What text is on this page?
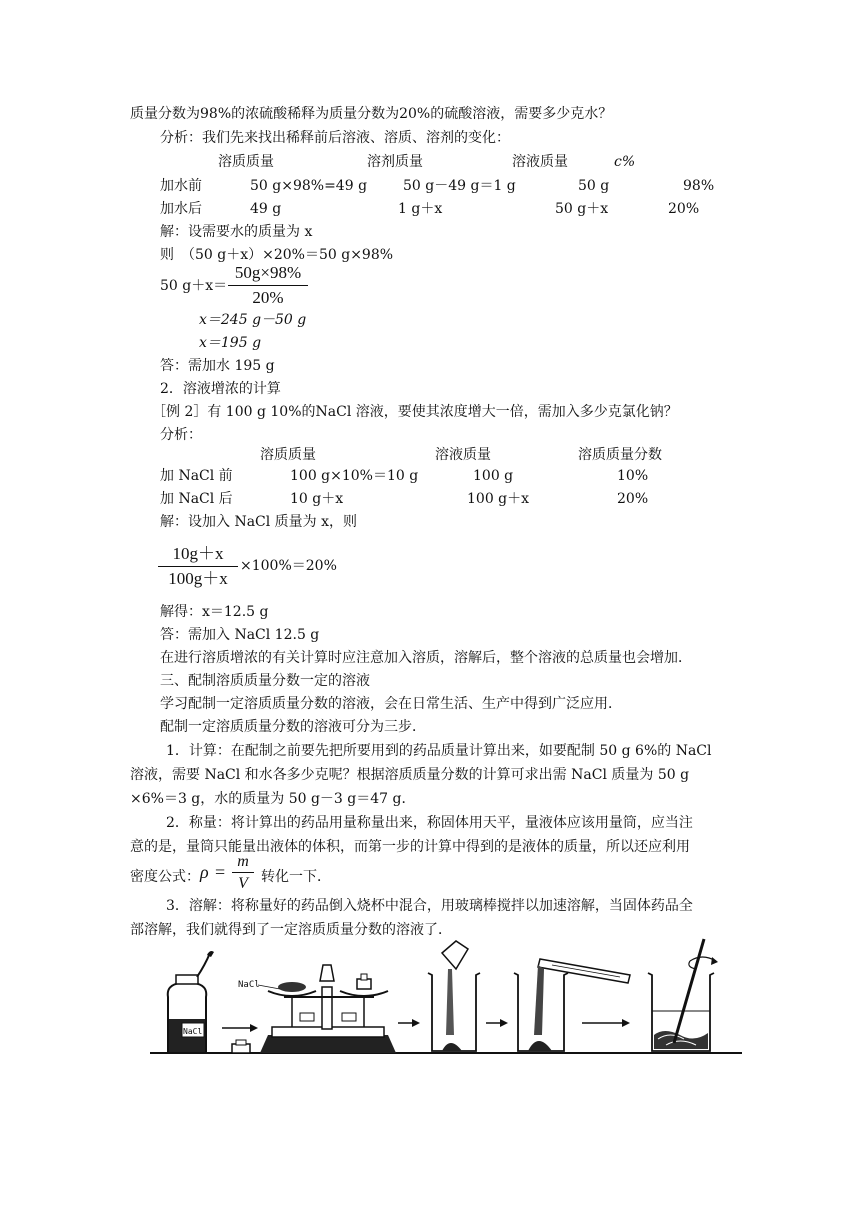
质量分数为98%的浓硫酸稀释为质量分数为20%的硫酸溶液，需要多少克水？
分析：我们先来找出稀释前后溶液、溶质、溶剂的变化：
溶质质量	溶剂质量	溶液质量	c%
加水前	50 g×98%=49 g	50 g－49 g＝1 g	50 g	98%
加水后	49 g	1 g＋x	50 g＋x	20%
解：设需要水的质量为 x
则　（50 g＋x）×20%＝50 g×98%
50 g＋x＝
50g×98%
20%
x＝245 g－50 g
x＝195 g
答：需加水 195 g
2．溶液增浓的计算
［例 2］有 100 g 10%的NaCl 溶液，要使其浓度增大一倍，需加入多少克氯化钠？
分析：
溶质质量	溶液质量	溶质质量分数
加 NaCl 前	100 g×10%＝10 g	100 g	10%
加 NaCl 后	10 g＋x	100 g＋x	20%
解：设加入 NaCl 质量为 x，则
10g＋x
100g＋x
×100%＝20%
解得：x＝12.5 g
答：需加入 NaCl 12.5 g
在进行溶质增浓的有关计算时应注意加入溶质，溶解后，整个溶液的总质量也会增加．
三、配制溶质质量分数一定的溶液
学习配制一定溶质质量分数的溶液，会在日常生活、生产中得到广泛应用．
配制一定溶质质量分数的溶液可分为三步．
1．计算：在配制之前要先把所要用到的药品质量计算出来，如要配制 50 g 6%的 NaCl
溶液，需要 NaCl 和水各多少克呢？根据溶质质量分数的计算可求出需 NaCl 质量为 50 g
×6%＝3 g，水的质量为 50 g－3 g＝47 g．
2．称量：将计算出的药品用量称量出来，称固体用天平，量液体应该用量筒，应当注
意的是，量筒只能量出液体的体积，而第一步的计算中得到的是液体的质量，所以还应利用
密度公式： ρ =
m
V 转化一下．
3．溶解：将称量好的药品倒入烧杯中混合，用玻璃棒搅拌以加速溶解，当固体药品全
部溶解，我们就得到了一定溶质质量分数的溶液了．
NaCl
NaCl
